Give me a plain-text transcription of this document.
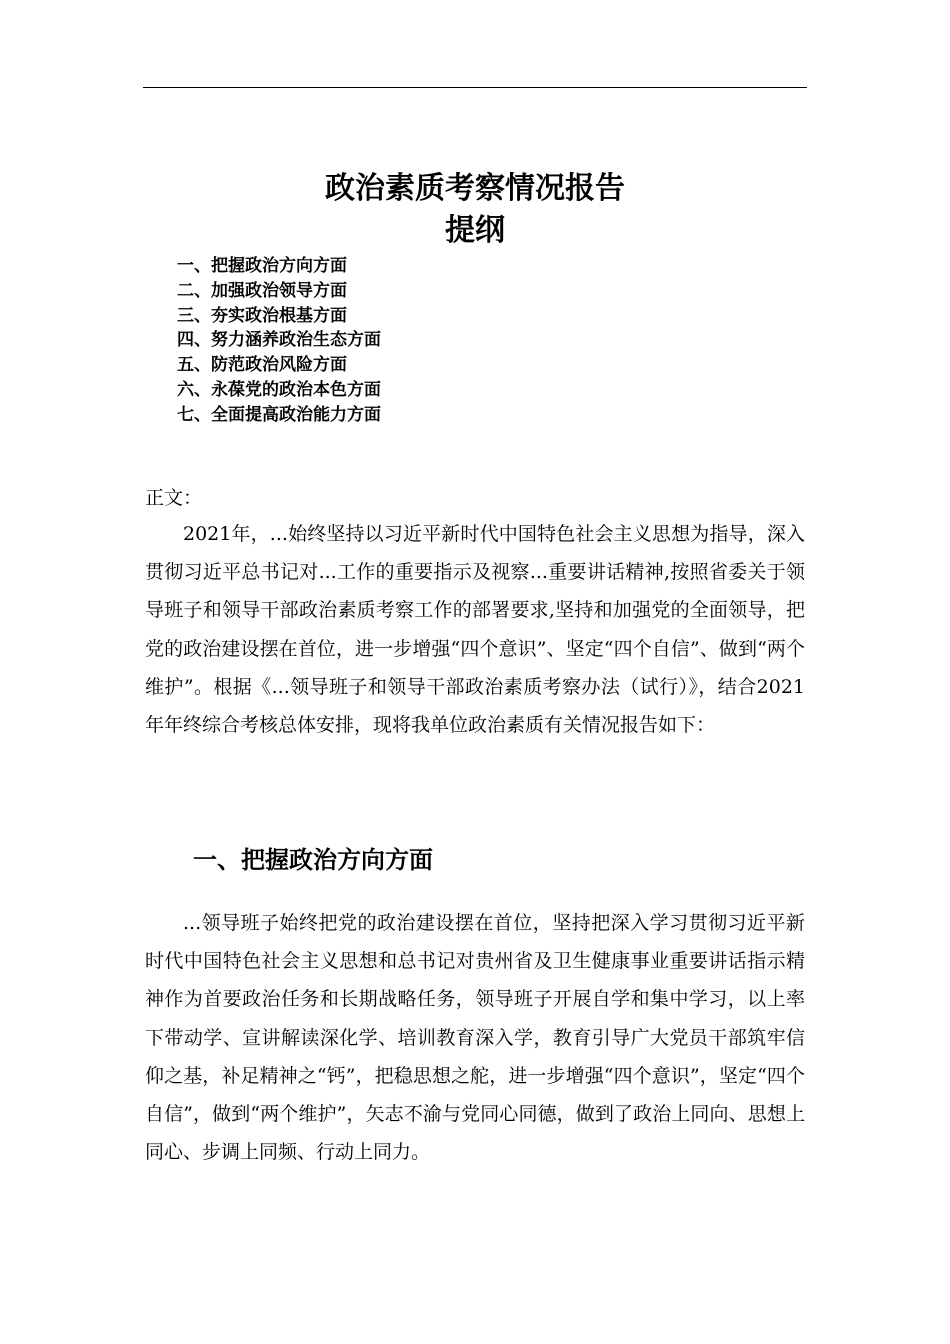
政治素质考察情况报告
提纲
一、把握政治方向方面
二、加强政治领导方面
三、夯实政治根基方面
四、努力涵养政治生态方面
五、防范政治风险方面
六、永葆党的政治本色方面
七、全面提高政治能力方面

正文：

2021年，...始终坚持以习近平新时代中国特色社会主义思想为指导，深入贯彻习近平总书记对...工作的重要指示及视察...重要讲话精神,按照省委关于领导班子和领导干部政治素质考察工作的部署要求,坚持和加强党的全面领导，把党的政治建设摆在首位，进一步增强“四个意识”、坚定“四个自信”、做到“两个维护”。根据《...领导班子和领导干部政治素质考察办法（试行）》，结合2021年年终综合考核总体安排，现将我单位政治素质有关情况报告如下：

一、把握政治方向方面

...领导班子始终把党的政治建设摆在首位，坚持把深入学习贯彻习近平新时代中国特色社会主义思想和总书记对贵州省及卫生健康事业重要讲话指示精神作为首要政治任务和长期战略任务，领导班子开展自学和集中学习，以上率下带动学、宣讲解读深化学、培训教育深入学，教育引导广大党员干部筑牢信仰之基，补足精神之“钙”，把稳思想之舵，进一步增强“四个意识”，坚定“四个自信”，做到“两个维护”，矢志不渝与党同心同德，做到了政治上同向、思想上同心、步调上同频、行动上同力。
